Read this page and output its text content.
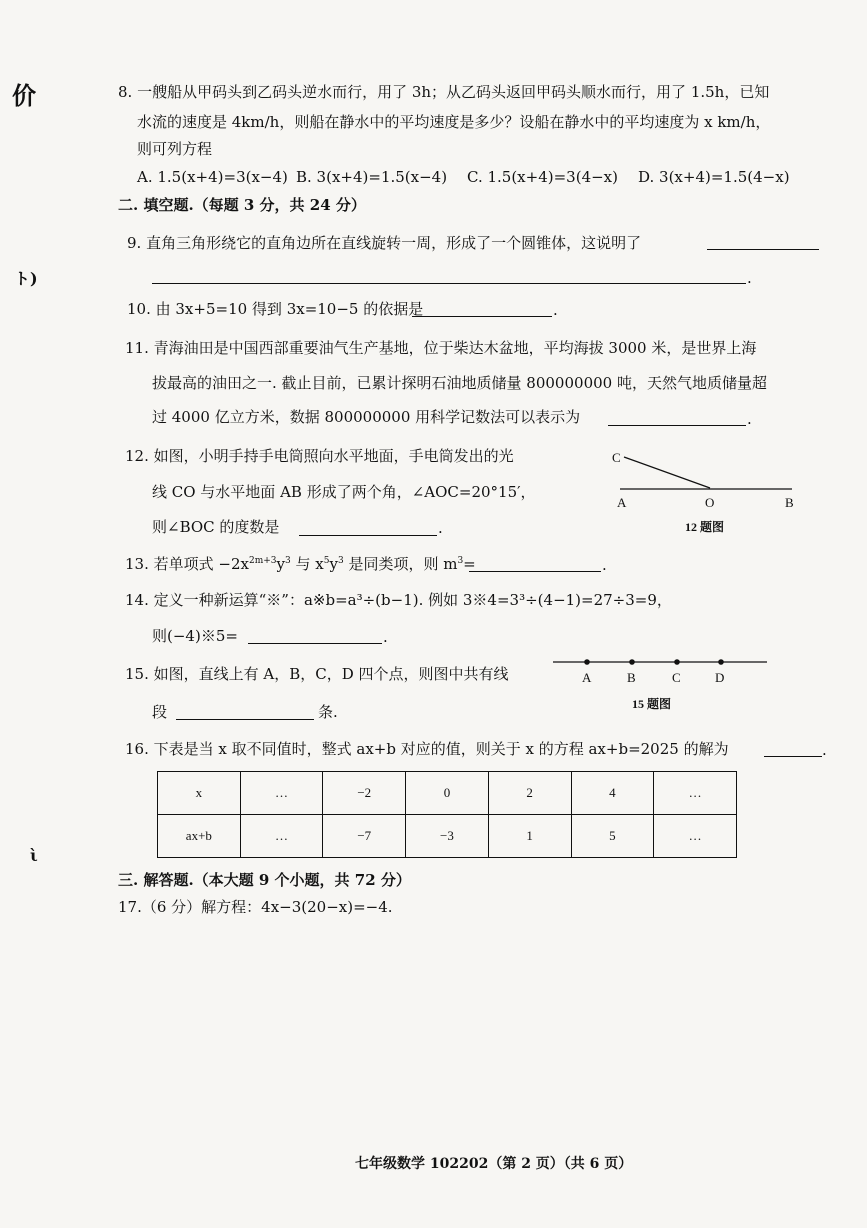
价
ト)
ὶ
8. 一艘船从甲码头到乙码头逆水而行，用了 3h；从乙码头返回甲码头顺水而行，用了 1.5h，已知
水流的速度是 4km/h，则船在静水中的平均速度是多少？设船在静水中的平均速度为 x km/h，
则可列方程
A. 1.5(x+4)=3(x−4) B. 3(x+4)=1.5(x−4) C. 1.5(x+4)=3(4−x) D. 3(x+4)=1.5(4−x)
二. 填空题.（每题 3 分，共 24 分）
9. 直角三角形绕它的直角边所在直线旋转一周，形成了一个圆锥体，这说明了
.
10. 由 3x+5=10 得到 3x=10−5 的依据是	.
11. 青海油田是中国西部重要油气生产基地，位于柴达木盆地，平均海拔 3000 米，是世界上海
拔最高的油田之一. 截止目前，已累计探明石油地质储量 800000000 吨，天然气地质储量超
过 4000 亿立方米，数据 800000000 用科学记数法可以表示为	.
12. 如图，小明手持手电筒照向水平地面，手电筒发出的光
线 CO 与水平地面 AB 形成了两个角，∠AOC=20°15′，
则∠BOC 的度数是	.
C
A	O	B
12 题图
13. 若单项式 $-2x^{2m+3}y^3$ 与 $x^5y^3$ 是同类项，则 $m^3=$	.
14. 定义一种新运算“※”：a※b=a³÷(b−1). 例如 3※4=3³÷(4−1)=27÷3=9，
则(−4)※5=	.
15. 如图，直线上有 A，B，C，D 四个点，则图中共有线
段	条.
A	B	C	D
15 题图
16. 下表是当 x 取不同值时，整式 ax+b 对应的值，则关于 x 的方程 ax+b=2025 的解为	.
x	…	−2	0	2	4	…
ax+b	…	−7	−3	1	5	…
三. 解答题.（本大题 9 个小题，共 72 分）
17.（6 分）解方程：4x−3(20−x)=−4.
七年级数学 102202（第 2 页）（共 6 页）
